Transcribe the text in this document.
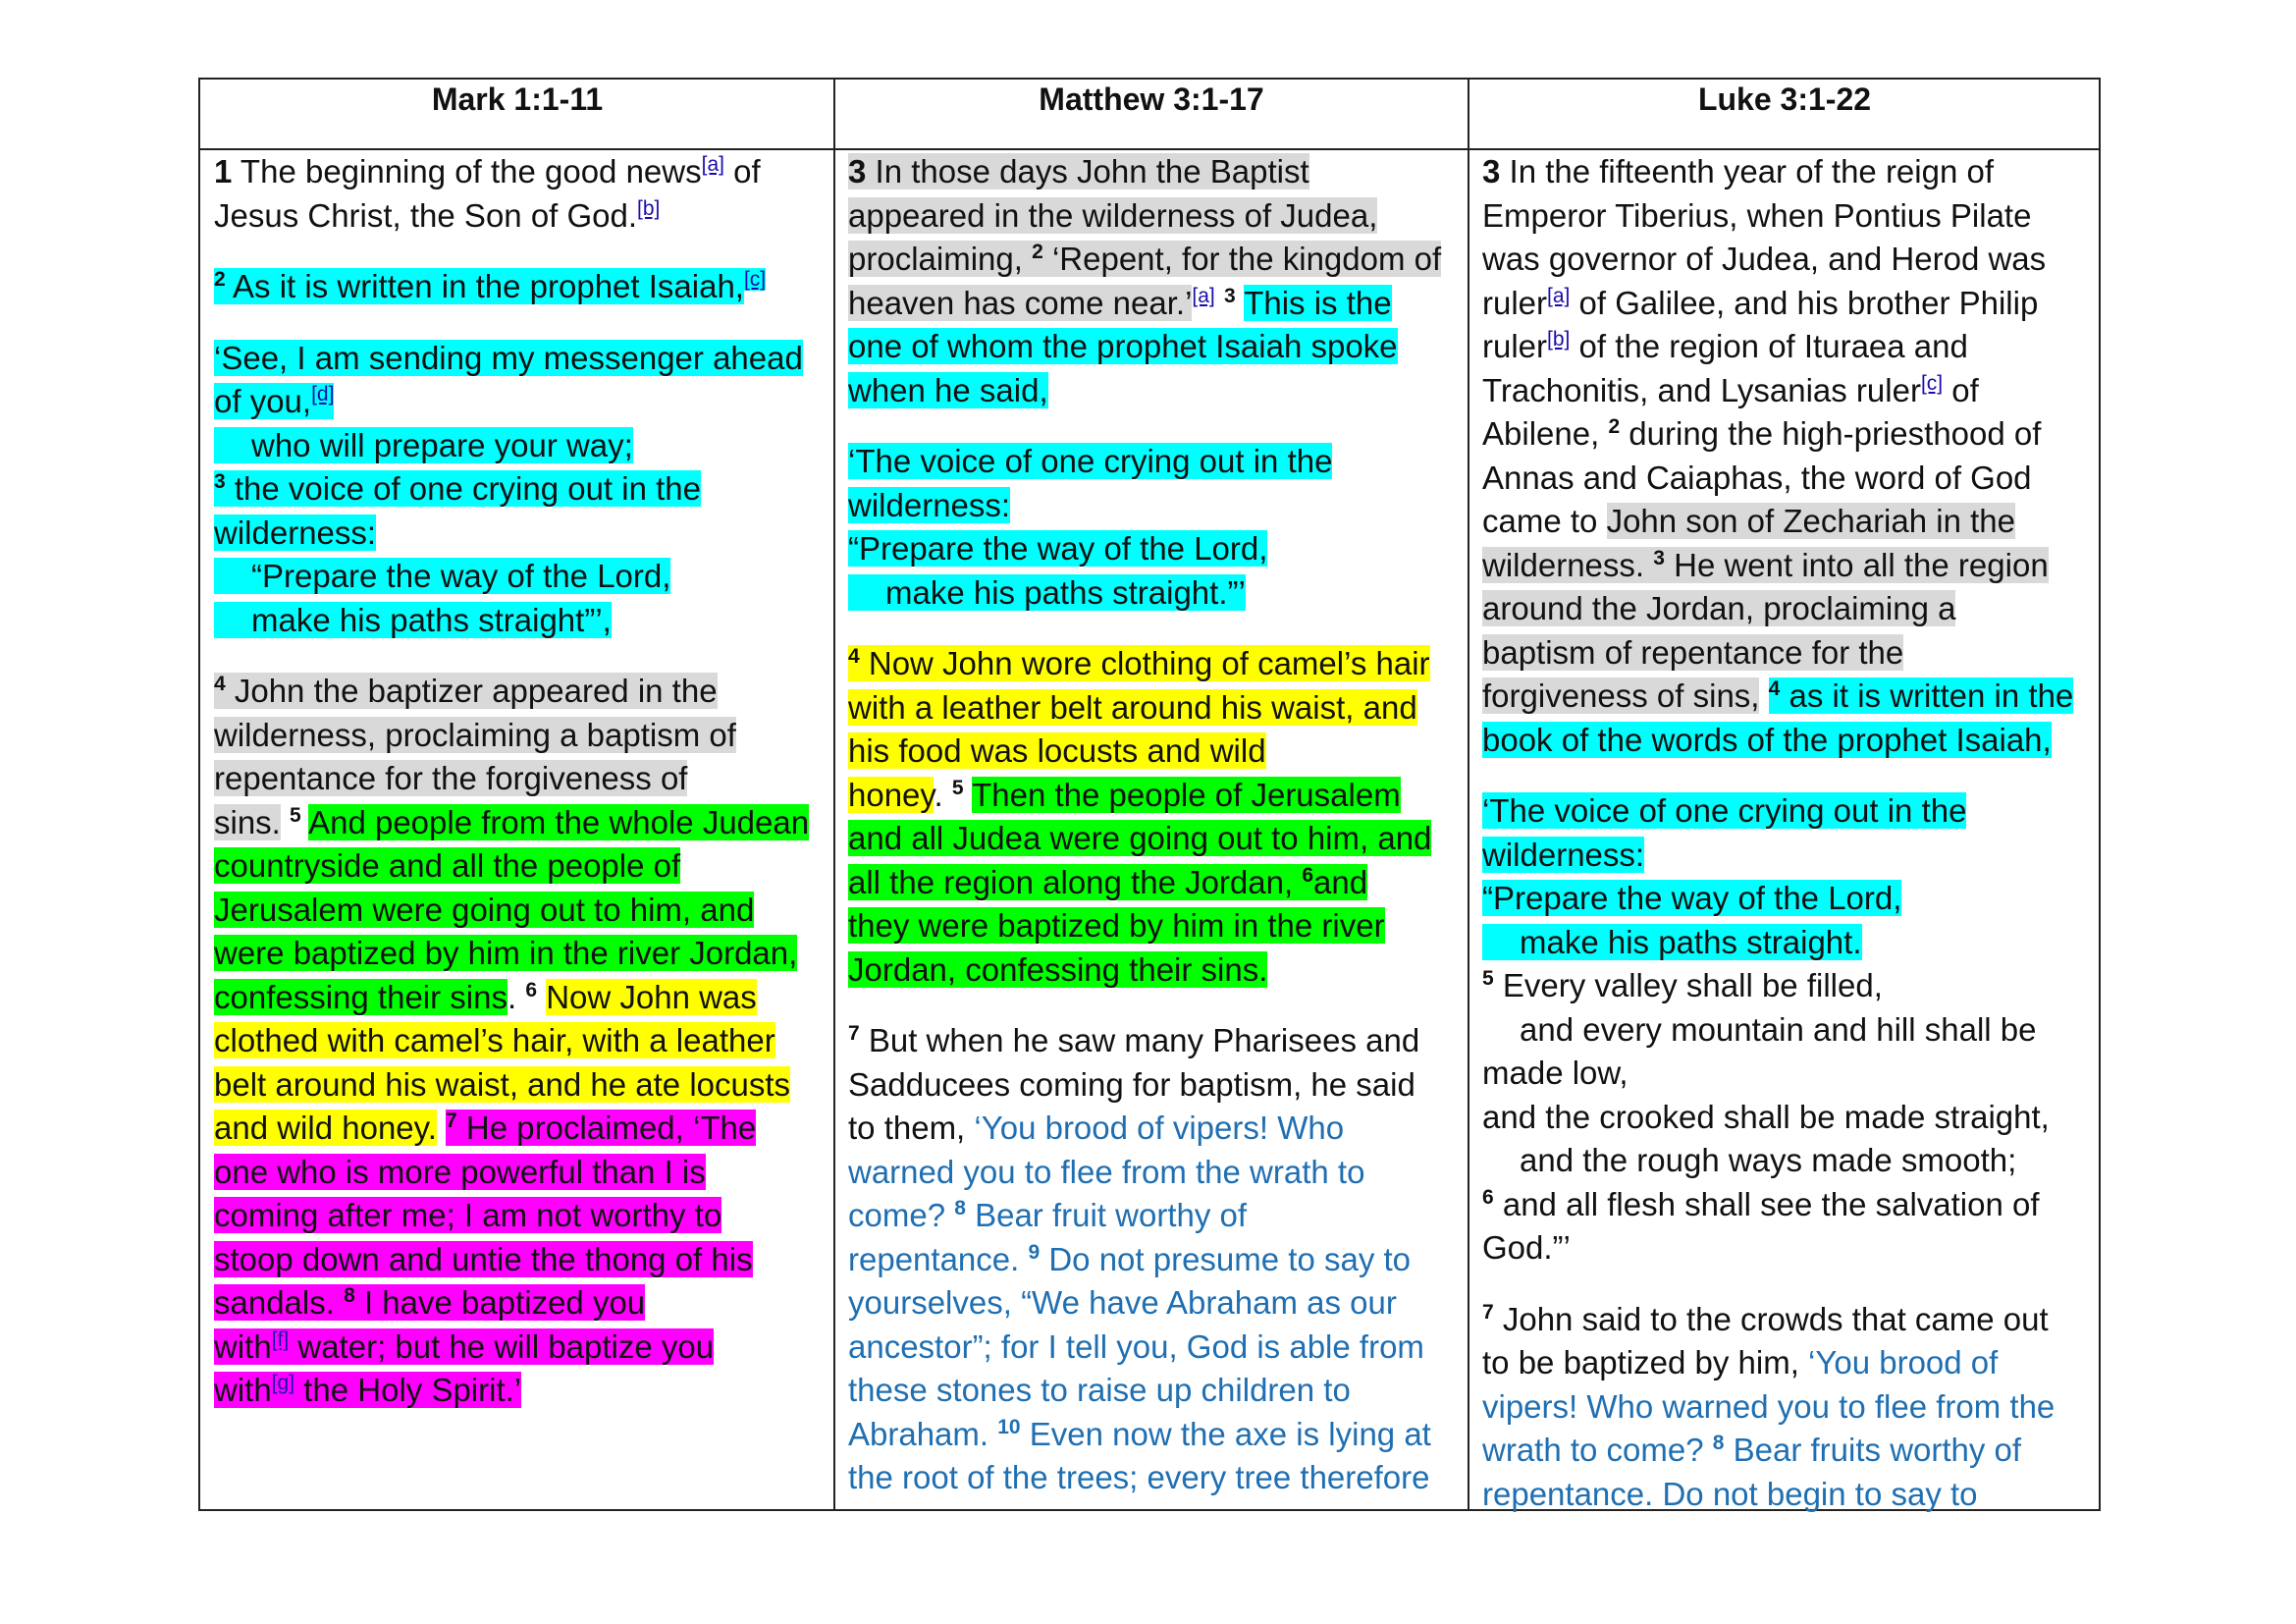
Mark 1:1-11	Matthew 3:1-17	Luke 3:1-22

1 The beginning of the good news[a] of
Jesus Christ, the Son of God.[b]

$^2$ As it is written in the prophet Isaiah,[c]

‘See, I am sending my messenger ahead
of you,[d]
who will prepare your way;
$^3$ the voice of one crying out in the
wilderness:
“Prepare the way of the Lord,
make his paths straight”’,

$^4$ John the baptizer appeared in the
wilderness, proclaiming a baptism of
repentance for the forgiveness of
sins. $^5$ And people from the whole Judean
countryside and all the people of
Jerusalem were going out to him, and
were baptized by him in the river Jordan,
confessing their sins. $^6$ Now John was
clothed with camel’s hair, with a leather
belt around his waist, and he ate locusts
and wild honey. $^7$ He proclaimed, ‘The
one who is more powerful than I is
coming after me; I am not worthy to
stoop down and untie the thong of his
sandals. $^8$ I have baptized you
with[f] water; but he will baptize you
with[g] the Holy Spirit.’

3 In those days John the Baptist
appeared in the wilderness of Judea,
proclaiming, $^2$ ‘Repent, for the kingdom of
heaven has come near.’[a] $^3$ This is the
one of whom the prophet Isaiah spoke
when he said,

‘The voice of one crying out in the
wilderness:
“Prepare the way of the Lord,
make his paths straight.”’

$^4$ Now John wore clothing of camel’s hair
with a leather belt around his waist, and
his food was locusts and wild
honey. $^5$ Then the people of Jerusalem
and all Judea were going out to him, and
all the region along the Jordan, $^6$and
they were baptized by him in the river
Jordan, confessing their sins.

$^7$ But when he saw many Pharisees and
Sadducees coming for baptism, he said
to them, ‘You brood of vipers! Who
warned you to flee from the wrath to
come? $^8$ Bear fruit worthy of
repentance. $^9$ Do not presume to say to
yourselves, “We have Abraham as our
ancestor”; for I tell you, God is able from
these stones to raise up children to
Abraham. $^{10}$ Even now the axe is lying at
the root of the trees; every tree therefore

3 In the fifteenth year of the reign of
Emperor Tiberius, when Pontius Pilate
was governor of Judea, and Herod was
ruler[a] of Galilee, and his brother Philip
ruler[b] of the region of Ituraea and
Trachonitis, and Lysanias ruler[c] of
Abilene, $^2$ during the high-priesthood of
Annas and Caiaphas, the word of God
came to John son of Zechariah in the
wilderness. $^3$ He went into all the region
around the Jordan, proclaiming a
baptism of repentance for the
forgiveness of sins, $^4$ as it is written in the
book of the words of the prophet Isaiah,

‘The voice of one crying out in the
wilderness:
“Prepare the way of the Lord,
make his paths straight.
$^5$ Every valley shall be filled,
and every mountain and hill shall be
made low,
and the crooked shall be made straight,
and the rough ways made smooth;
$^6$ and all flesh shall see the salvation of
God.”’

$^7$ John said to the crowds that came out
to be baptized by him, ‘You brood of
vipers! Who warned you to flee from the
wrath to come? $^8$ Bear fruits worthy of
repentance. Do not begin to say to
